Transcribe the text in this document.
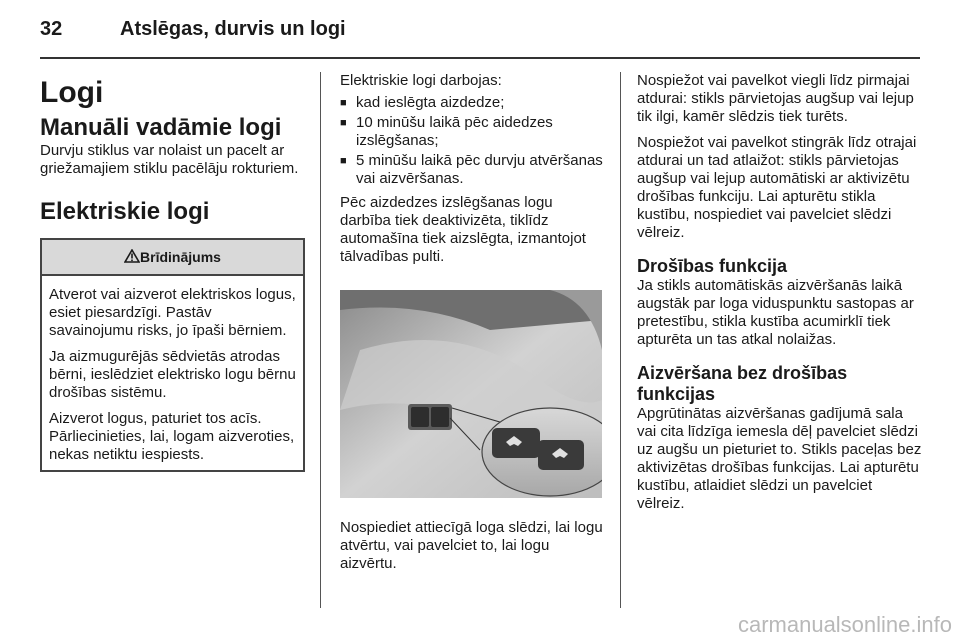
32	Atslēgas, durvis un logi
Logi
Manuāli vadāmie logi

Durvju stiklus var nolaist un pacelt ar griežamajiem stiklu pacēlāju rokturiem.

Elektriskie logi
Brīdinājums

Atverot vai aizverot elektriskos logus, esiet piesardzīgi. Pastāv savainojumu risks, jo īpaši bērniem.

Ja aizmugurējās sēdvietās atrodas bērni, ieslēdziet elektrisko logu bērnu drošības sistēmu.

Aizverot logus, paturiet tos acīs. Pārliecinieties, lai, logam aizveroties, nekas netiktu iespiests.

Elektriskie logi darbojas:

■ kad ieslēgta aizdedze;
■ 10 minūšu laikā pēc aidedzes izslēgšanas;
■ 5 minūšu laikā pēc durvju atvēršanas vai aizvēršanas.

Pēc aizdedzes izslēgšanas logu darbība tiek deaktivizēta, tiklīdz automašīna tiek aizslēgta, izmantojot tālvadības pulti.

Nospiediet attiecīgā loga slēdzi, lai logu atvērtu, vai pavelciet to, lai logu aizvērtu.

Nospiežot vai pavelkot viegli līdz pirmajai atdurai: stikls pārvietojas augšup vai lejup tik ilgi, kamēr slēdzis tiek turēts.

Nospiežot vai pavelkot stingrāk līdz otrajai atdurai un tad atlaižot: stikls pārvietojas augšup vai lejup automātiski ar aktivizētu drošības funkciju. Lai apturētu stikla kustību, nospiediet vai pavelciet slēdzi vēlreiz.

Drošības funkcija

Ja stikls automātiskās aizvēršanās laikā augstāk par loga viduspunktu sastopas ar pretestību, stikla kustība acumirklī tiek apturēta un tas atkal nolaižas.

Aizvēršana bez drošības funkcijas

Apgrūtinātas aizvēršanas gadījumā sala vai cita līdzīga iemesla dēļ pavelciet slēdzi uz augšu un pieturiet to. Stikls paceļas bez aktivizētas drošības funkcijas. Lai apturētu kustību, atlaidiet slēdzi un pavelciet vēlreiz.

carmanualsonline.info
